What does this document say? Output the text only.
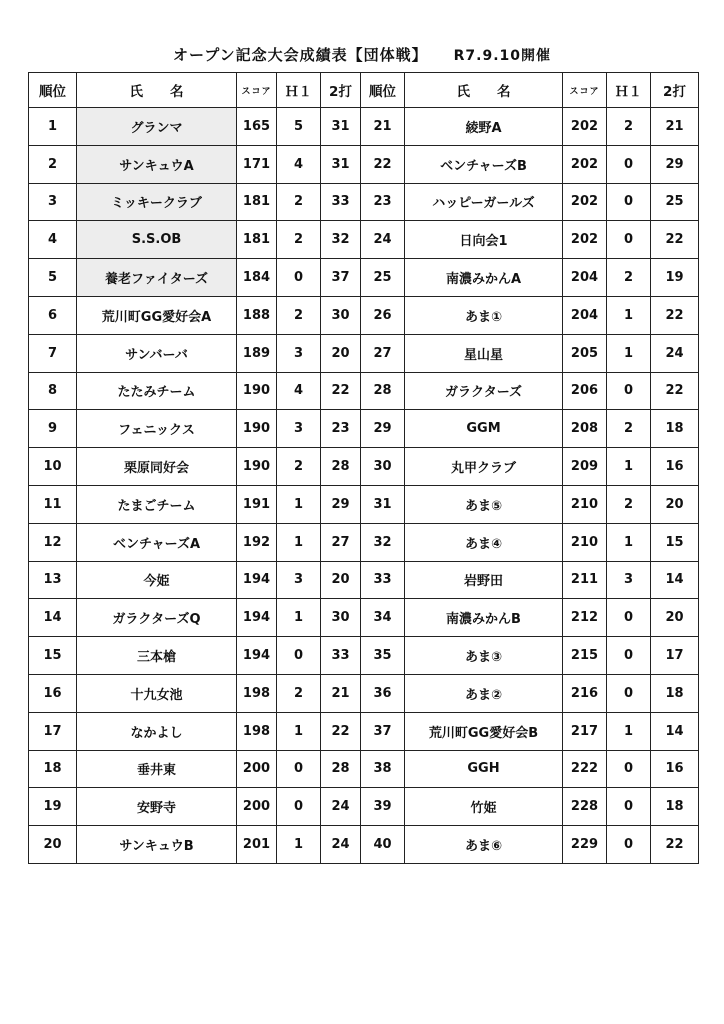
オープン記念大会成績表【団体戦】 R7.9.10開催
順位	氏　　名	スコア	Ｈ１	2打	順位	氏　　名	スコア	Ｈ１	2打
1	グランマ	165	5	31	21	綾野A	202	2	21
2	サンキュウA	171	4	31	22	ベンチャーズB	202	0	29
3	ミッキークラブ	181	2	33	23	ハッピーガールズ	202	0	25
4	S.S.OB	181	2	32	24	日向会1	202	0	22
5	養老ファイターズ	184	0	37	25	南濃みかんA	204	2	19
6	荒川町GG愛好会A	188	2	30	26	あま①	204	1	22
7	サンバーバ	189	3	20	27	星山星	205	1	24
8	たたみチーム	190	4	22	28	ガラクターズ	206	0	22
9	フェニックス	190	3	23	29	GGM	208	2	18
10	栗原同好会	190	2	28	30	丸甲クラブ	209	1	16
11	たまごチーム	191	1	29	31	あま⑤	210	2	20
12	ベンチャーズA	192	1	27	32	あま④	210	1	15
13	今姫	194	3	20	33	岩野田	211	3	14
14	ガラクターズQ	194	1	30	34	南濃みかんB	212	0	20
15	三本槍	194	0	33	35	あま③	215	0	17
16	十九女池	198	2	21	36	あま②	216	0	18
17	なかよし	198	1	22	37	荒川町GG愛好会B	217	1	14
18	垂井東	200	0	28	38	GGH	222	0	16
19	安野寺	200	0	24	39	竹姫	228	0	18
20	サンキュウB	201	1	24	40	あま⑥	229	0	22
